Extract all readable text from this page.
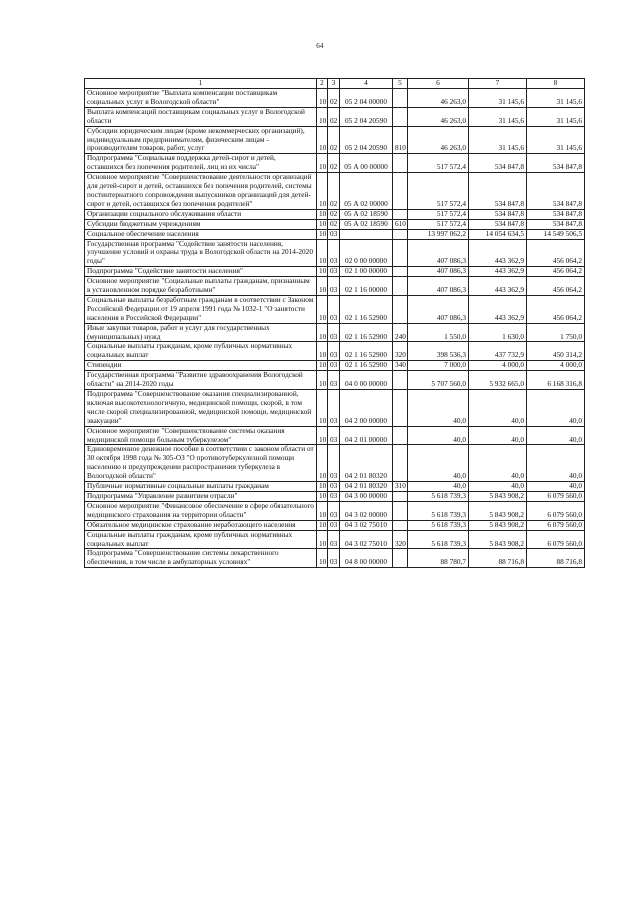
64
1	2	3	4	5	6	7	8
Основное мероприятие "Выплата компенсации поставщикам социальных услуг в Вологодской области"	10	02	05 2 04 00000		46 263,0	31 145,6	31 145,6
Выплата компенсаций поставщикам социальных услуг в Вологодской области	10	02	05 2 04 20590		46 263,0	31 145,6	31 145,6
Субсидии юридическим лицам (кроме некоммерческих организаций), индивидуальным предпринимателям, физическим лицам - производителям товаров, работ, услуг	10	02	05 2 04 20590	810	46 263,0	31 145,6	31 145,6
Подпрограмма "Социальная поддержка детей-сирот и детей, оставшихся без попечения родителей, лиц из их числа"	10	02	05 А 00 00000		517 572,4	534 847,8	534 847,8
Основное мероприятие "Совершенствование деятельности организаций для детей-сирот и детей, оставшихся без попечения родителей, системы постинтернатного сопровождения выпускников организаций для детей-сирот и детей, оставшихся без попечения родителей"	10	02	05 А 02 00000		517 572,4	534 847,8	534 847,8
Организации социального обслуживания области	10	02	05 А 02 18590		517 572,4	534 847,8	534 847,8
Субсидии бюджетным учреждениям	10	02	05 А 02 18590	610	517 572,4	534 847,8	534 847,8
Социальное обеспечение населения	10	03			13 997 062,2	14 054 634,5	14 549 506,5
Государственная программа "Содействие занятости населения, улучшение условий и охраны труда в Вологодской области на 2014-2020 годы"	10	03	02 0 00 00000		407 086,3	443 362,9	456 064,2
Подпрограмма "Содействие занятости населения"	10	03	02 1 00 00000		407 086,3	443 362,9	456 064,2
Основное мероприятие "Социальные выплаты гражданам, признанным в установленном порядке безработными"	10	03	02 1 16 00000		407 086,3	443 362,9	456 064,2
Социальные выплаты безработным гражданам в соответствии с Законом Российской Федерации от 19 апреля 1991 года № 1032-1 "О занятости населения в Российской Федерации"	10	03	02 1 16 52900		407 086,3	443 362,9	456 064,2
Иные закупки товаров, работ и услуг для государственных (муниципальных) нужд	10	03	02 1 16 52900	240	1 550,0	1 630,0	1 750,0
Социальные выплаты гражданам, кроме публичных нормативных социальных выплат	10	03	02 1 16 52900	320	398 536,3	437 732,9	450 314,2
Стипендии	10	03	02 1 16 52900	340	7 000,0	4 000,0	4 000,0
Государственная программа "Развитие здравоохранения Вологодской области" на 2014-2020 годы	10	03	04 0 00 00000		5 707 560,0	5 932 665,0	6 168 316,8
Подпрограмма "Совершенствование оказания специализированной, включая высокотехнологичную, медицинской помощи, скорой, в том числе скорой специализированной, медицинской помощи, медицинской эвакуации"	10	03	04 2 00 00000		40,0	40,0	40,0
Основное мероприятие "Совершенствование системы оказания медицинской помощи больным туберкулезом"	10	03	04 2 01 00000		40,0	40,0	40,0
Единовременное денежное пособие в соответствии с законом области от 30 октября 1998 года № 305-ОЗ "О противотуберкулезной помощи населению и предупреждении распространения туберкулеза в Вологодской области"	10	03	04 2 01 80320		40,0	40,0	40,0
Публичные нормативные социальные выплаты гражданам	10	03	04 2 01 80320	310	40,0	40,0	40,0
Подпрограмма "Управление развитием отрасли"	10	03	04 3 00 00000		5 618 739,3	5 843 908,2	6 079 560,0
Основное мероприятие "Финансовое обеспечение в сфере обязательного медицинского страхования на территории области"	10	03	04 3 02 00000		5 618 739,3	5 843 908,2	6 079 560,0
Обязательное медицинское страхование неработающего населения	10	03	04 3 02 75010		5 618 739,3	5 843 908,2	6 079 560,0
Социальные выплаты гражданам, кроме публичных нормативных социальных выплат	10	03	04 3 02 75010	320	5 618 739,3	5 843 908,2	6 079 560,0
Подпрограмма "Совершенствование системы лекарственного обеспечения, в том числе в амбулаторных условиях"	10	03	04 8 00 00000		88 780,7	88 716,8	88 716,8
